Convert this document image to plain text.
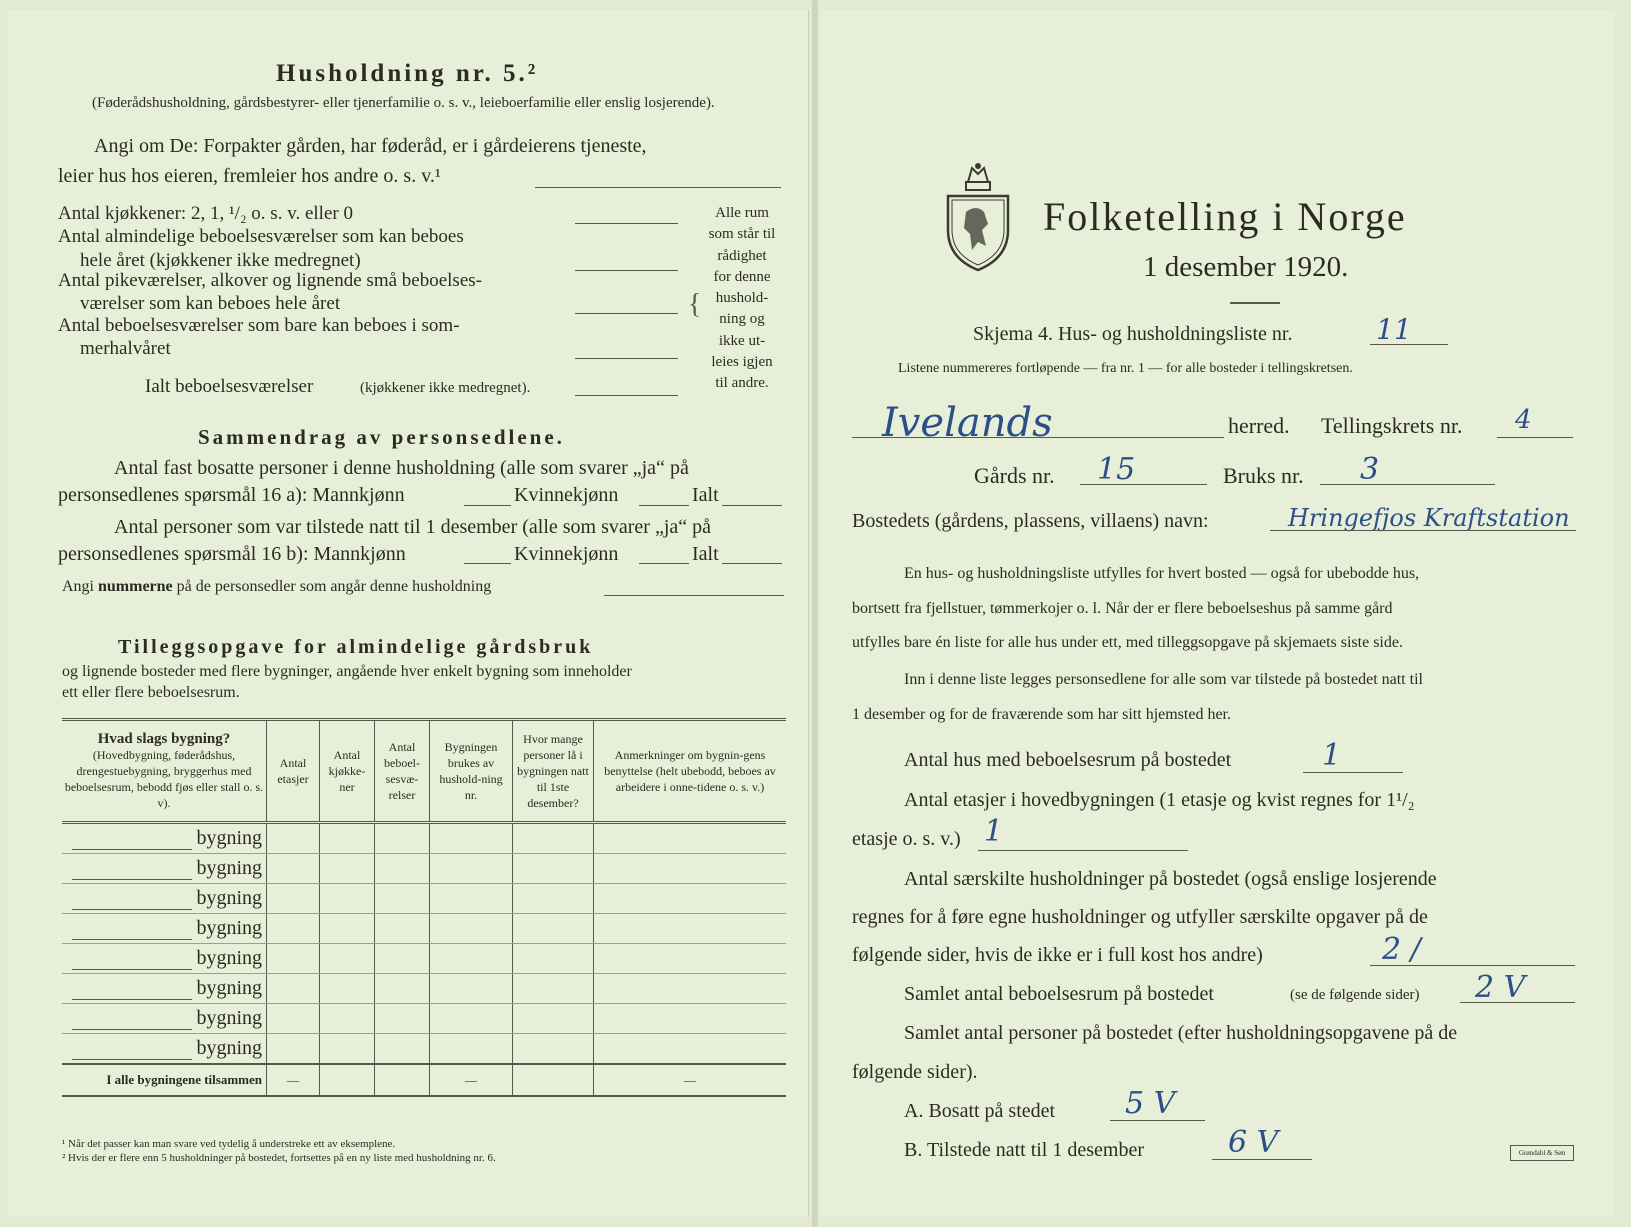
Husholdning nr. 5.²
(Føderådshusholdning, gårdsbestyrer- eller tjenerfamilie o. s. v., leieboerfamilie eller enslig losjerende).
Angi om De: Forpakter gården, har føderåd, er i gårdeierens tjeneste,
leier hus hos eieren, fremleier hos andre o. s. v.¹
Antal kjøkkener: 2, 1, ¹/₂ o. s. v. eller 0
Antal almindelige beboelsesværelser som kan beboes
hele året (kjøkkener ikke medregnet)
Antal pikeværelser, alkover og lignende små beboelses-
værelser som kan beboes hele året
Antal beboelsesværelser som bare kan beboes i som-
merhalvåret
Ialt beboelsesværelser	(kjøkkener ikke medregnet).
{
Alle rum
som står til
rådighet
for denne
hushold-
ning og
ikke ut-
leies igjen
til andre.
Sammendrag av personsedlene.
Antal fast bosatte personer i denne husholdning (alle som svarer „ja“ på
personsedlenes spørsmål 16 a): Mannkjønn	Kvinnekjønn	Ialt
Antal personer som var tilstede natt til 1 desember (alle som svarer „ja“ på
personsedlenes spørsmål 16 b): Mannkjønn	Kvinnekjønn	Ialt
Angi nummerne på de personsedler som angår denne husholdning
Tilleggsopgave for almindelige gårdsbruk
og lignende bosteder med flere bygninger, angående hver enkelt bygning som inneholder
ett eller flere beboelsesrum.
Hvad slags bygning?
(Hovedbygning, føderådshus, drengestuebygning, bryggerhus med beboelsesrum, bebodd fjøs eller stall o. s. v).	Antal etasjer	Antal kjøkke-ner	Antal beboel-sesvæ-relser	Bygningen brukes av hushold-ning nr.	Hvor mange personer lå i bygningen natt til 1ste desember?	Anmerkninger om bygnin-gens benyttelse (helt ubebodd, beboes av arbeidere i onne-tidene o. s. v.)
bygning						
bygning						
bygning						
bygning						
bygning						
bygning						
bygning						
bygning						
I alle bygningene tilsammen	—			—		—
¹ Når det passer kan man svare ved tydelig å understreke ett av eksemplene.
² Hvis der er flere enn 5 husholdninger på bostedet, fortsettes på en ny liste med husholdning nr. 6.
Folketelling i Norge
1 desember 1920.
Skjema 4. Hus- og husholdningsliste nr.	11
Listene nummereres fortløpende — fra nr. 1 — for alle bosteder i tellingskretsen.
Ivelands	herred. Tellingskrets nr. 4
Gårds nr. 15	Bruks nr. 3
Bostedets (gårdens, plassens, villaens) navn:	Hringefjos Kraftstation
En hus- og husholdningsliste utfylles for hvert bosted — også for ubebodde hus,
bortsett fra fjellstuer, tømmerkojer o. l. Når der er flere beboelseshus på samme gård
utfylles bare én liste for alle hus under ett, med tilleggsopgave på skjemaets siste side.
Inn i denne liste legges personsedlene for alle som var tilstede på bostedet natt til
1 desember og for de fraværende som har sitt hjemsted her.
Antal hus med beboelsesrum på bostedet	1
Antal etasjer i hovedbygningen (1 etasje og kvist regnes for 1¹/₂
etasje o. s. v.) 1
Antal særskilte husholdninger på bostedet (også enslige losjerende
regnes for å føre egne husholdninger og utfyller særskilte opgaver på de
følgende sider, hvis de ikke er i full kost hos andre)	2 /
Samlet antal beboelsesrum på bostedet	(se de følgende sider) 2 V
Samlet antal personer på bostedet (efter husholdningsopgavene på de
følgende sider).
A. Bosatt på stedet 5 V
B. Tilstede natt til 1 desember	6 V	Grøndahl & Søn
